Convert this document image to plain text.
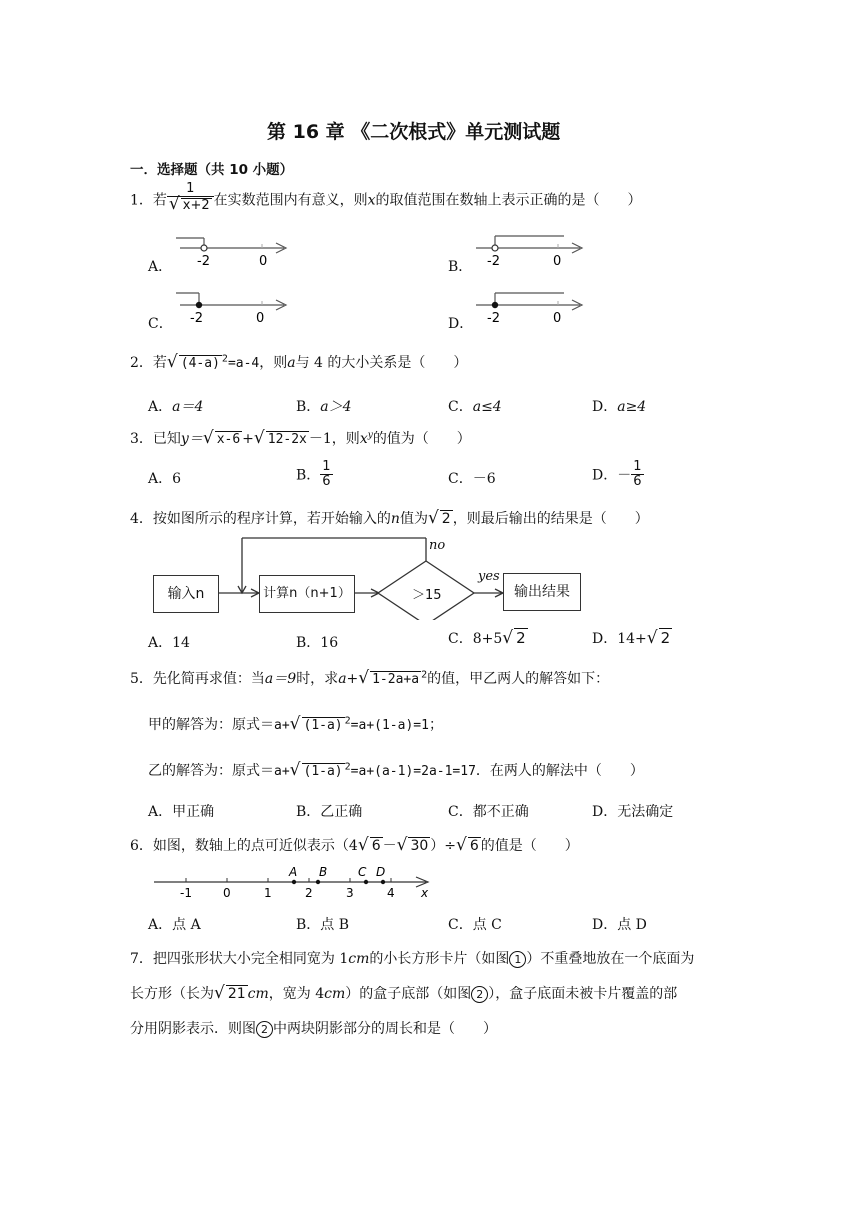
第 16 章 《二次根式》单元测试题
一．选择题（共 10 小题）
1．若 $\frac{1}{√ x+2}$ 在实数范围内有意义，则x的取值范围在数轴上表示正确的是（　　）
A． -2	0	B． -2	0
C． -2	0	D． -2	0
2．若√ (4-a) $^2$=a-4，则a与 4 的大小关系是（　　）
A．a＝4	B．a＞4	C．a≤4	D．a≥4
3．已知y＝√ x-6 +√ 12-2x －1，则$x^y$的值为（　　）
A．6	B． $\frac{1}{6}$	C．－6	D．－ $\frac{1}{6}$
4．按如图所示的程序计算，若开始输入的n值为√ 2 ，则最后输出的结果是（　　）
输入n	计算n（n+1）	＞15	输出结果
no
yes
A．14	B．16	C．8+5√ 2	D．14+√ 2
5．先化简再求值：当a＝9时，求a+√ 1-2a+a $^2$的值，甲乙两人的解答如下：
甲的解答为：原式＝a+√ (1-a) $^2$=a+(1-a)=1；
乙的解答为：原式＝a+√ (1-a) $^2$=a+(a-1)=2a-1=17．在两人的解法中（　　）
A．甲正确	B．乙正确	C．都不正确	D．无法确定
6．如图，数轴上的点可近似表示（4√ 6 －√ 30 ）÷√ 6 的值是（　　）
-1	0	1	2	3	4 x
A B	C D
A．点 A	B．点 B	C．点 C	D．点 D
7．把四张形状大小完全相同宽为 1cm的小长方形卡片（如图 1 ）不重叠地放在一个底面为
长方形（长为√ 21 cm，宽为 4cm）的盒子底部（如图 2 ），盒子底面未被卡片覆盖的部
分用阴影表示．则图 2 中两块阴影部分的周长和是（　　）
